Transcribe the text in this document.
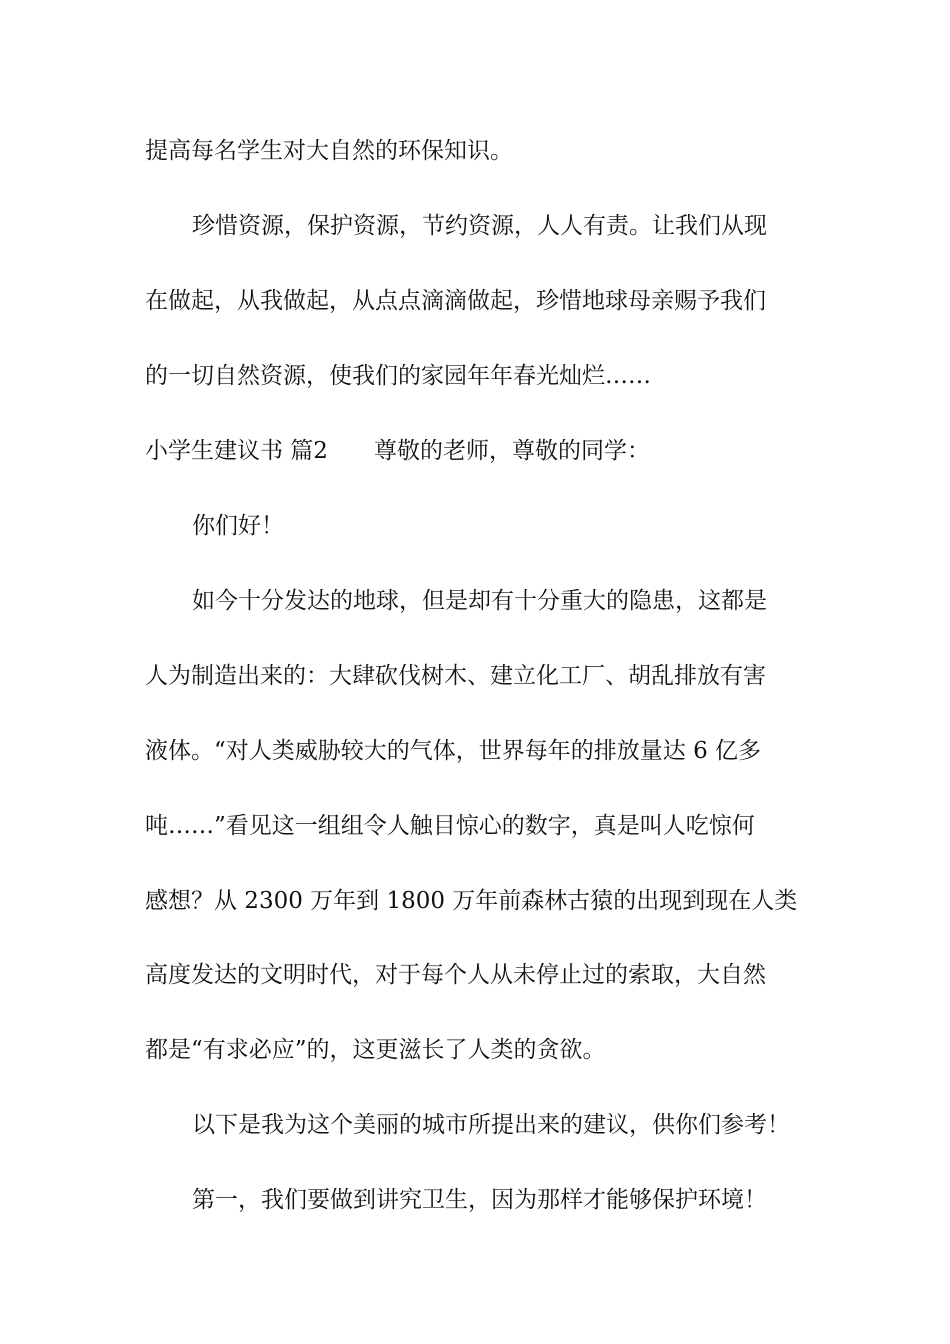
提高每名学生对大自然的环保知识。
珍惜资源，保护资源，节约资源，人人有责。让我们从现
在做起，从我做起，从点点滴滴做起，珍惜地球母亲赐予我们
的一切自然资源，使我们的家园年年春光灿烂……
小学生建议书 篇2 尊敬的老师，尊敬的同学：
你们好！
如今十分发达的地球，但是却有十分重大的隐患，这都是
人为制造出来的：大肆砍伐树木、建立化工厂、胡乱排放有害
液体。“对人类威胁较大的气体，世界每年的排放量达 6 亿多
吨……”看见这一组组令人触目惊心的数字，真是叫人吃惊何
感想？从 2300 万年到 1800 万年前森林古猿的出现到现在人类
高度发达的文明时代，对于每个人从未停止过的索取，大自然
都是“有求必应”的，这更滋长了人类的贪欲。
以下是我为这个美丽的城市所提出来的建议，供你们参考！
第一，我们要做到讲究卫生，因为那样才能够保护环境！
